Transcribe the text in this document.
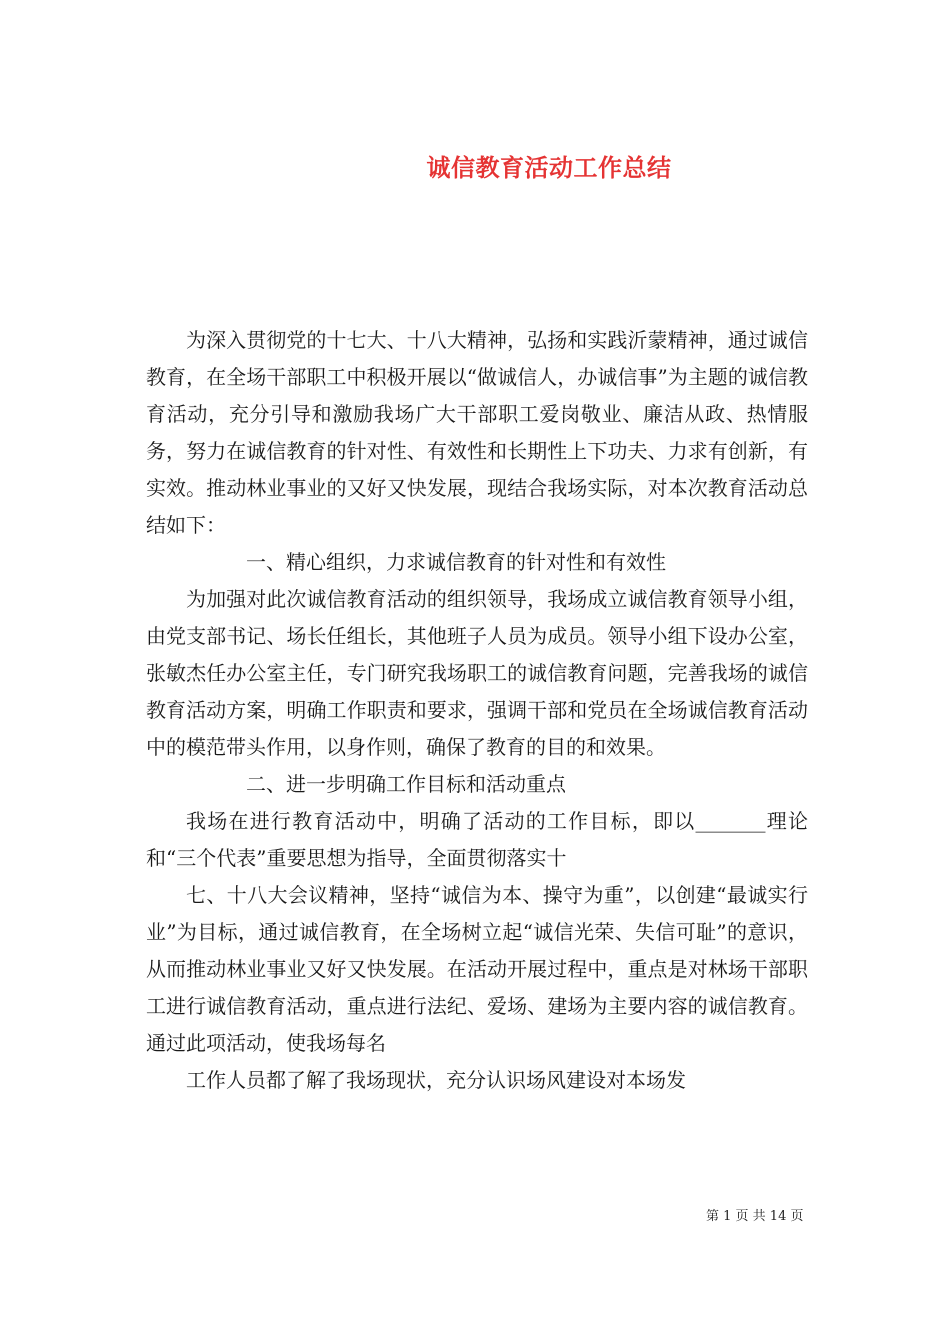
诚信教育活动工作总结

为深入贯彻党的十七大、十八大精神，弘扬和实践沂蒙精神，通过诚信教育，在全场干部职工中积极开展以“做诚信人，办诚信事”为主题的诚信教育活动，充分引导和激励我场广大干部职工爱岗敬业、廉洁从政、热情服务，努力在诚信教育的针对性、有效性和长期性上下功夫、力求有创新，有实效。推动林业事业的又好又快发展，现结合我场实际，对本次教育活动总结如下：

一、精心组织，力求诚信教育的针对性和有效性

为加强对此次诚信教育活动的组织领导，我场成立诚信教育领导小组，由党支部书记、场长任组长，其他班子人员为成员。领导小组下设办公室，张敏杰任办公室主任，专门研究我场职工的诚信教育问题，完善我场的诚信教育活动方案，明确工作职责和要求，强调干部和党员在全场诚信教育活动中的模范带头作用，以身作则，确保了教育的目的和效果。

二、进一步明确工作目标和活动重点

我场在进行教育活动中，明确了活动的工作目标，即以_______理论和“三个代表”重要思想为指导，全面贯彻落实十

七、十八大会议精神，坚持“诚信为本、操守为重”，以创建“最诚实行业”为目标，通过诚信教育，在全场树立起“诚信光荣、失信可耻”的意识，从而推动林业事业又好又快发展。在活动开展过程中，重点是对林场干部职工进行诚信教育活动，重点进行法纪、爱场、建场为主要内容的诚信教育。通过此项活动，使我场每名

工作人员都了解了我场现状，充分认识场风建设对本场发

第 1 页 共 14 页
